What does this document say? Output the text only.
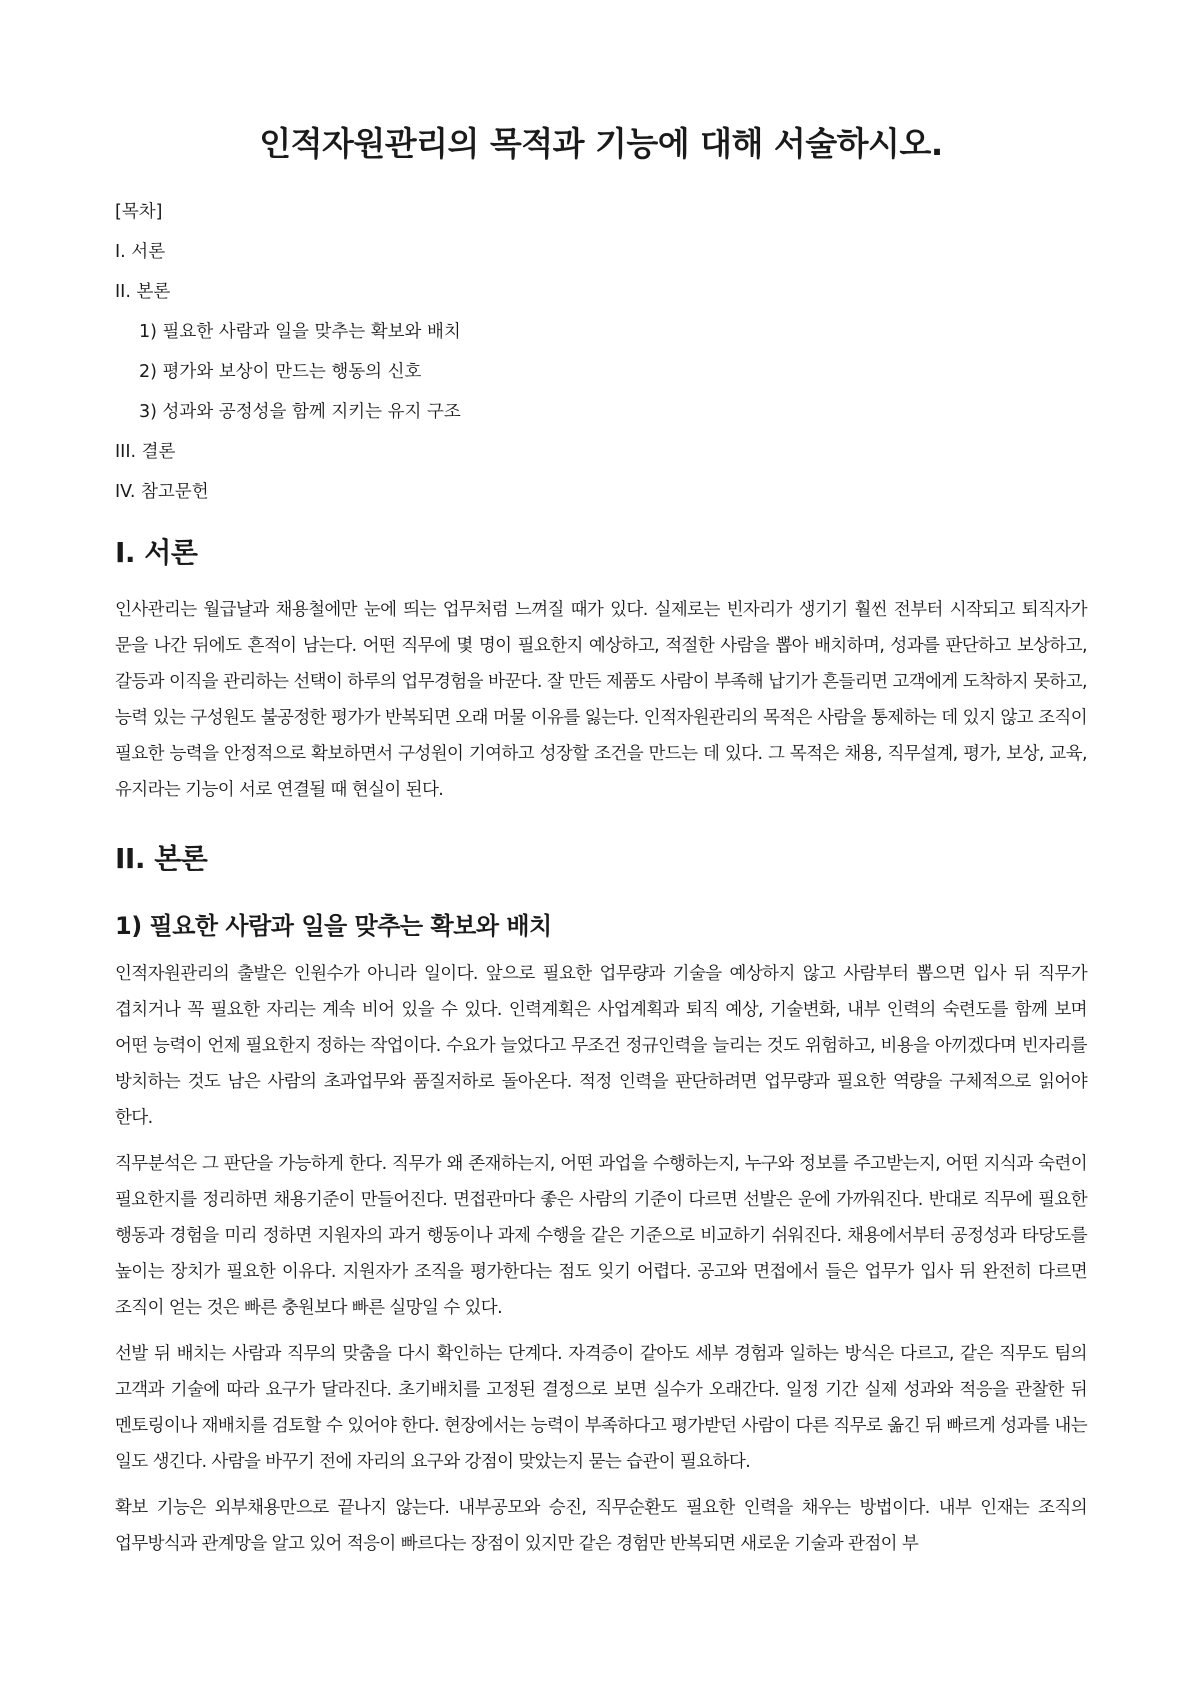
인적자원관리의 목적과 기능에 대해 서술하시오.
[목차]
I. 서론
II. 본론
1) 필요한 사람과 일을 맞추는 확보와 배치
2) 평가와 보상이 만드는 행동의 신호
3) 성과와 공정성을 함께 지키는 유지 구조
III. 결론
IV. 참고문헌
I. 서론

인사관리는 월급날과 채용철에만 눈에 띄는 업무처럼 느껴질 때가 있다. 실제로는 빈자리가 생기기 훨씬 전부터 시작되고 퇴직자가 문을 나간 뒤에도 흔적이 남는다. 어떤 직무에 몇 명이 필요한지 예상하고, 적절한 사람을 뽑아 배치하며, 성과를 판단하고 보상하고, 갈등과 이직을 관리하는 선택이 하루의 업무경험을 바꾼다. 잘 만든 제품도 사람이 부족해 납기가 흔들리면 고객에게 도착하지 못하고, 능력 있는 구성원도 불공정한 평가가 반복되면 오래 머물 이유를 잃는다. 인적자원관리의 목적은 사람을 통제하는 데 있지 않고 조직이 필요한 능력을 안정적으로 확보하면서 구성원이 기여하고 성장할 조건을 만드는 데 있다. 그 목적은 채용, 직무설계, 평가, 보상, 교육, 유지라는 기능이 서로 연결될 때 현실이 된다.

II. 본론
1) 필요한 사람과 일을 맞추는 확보와 배치

인적자원관리의 출발은 인원수가 아니라 일이다. 앞으로 필요한 업무량과 기술을 예상하지 않고 사람부터 뽑으면 입사 뒤 직무가 겹치거나 꼭 필요한 자리는 계속 비어 있을 수 있다. 인력계획은 사업계획과 퇴직 예상, 기술변화, 내부 인력의 숙련도를 함께 보며 어떤 능력이 언제 필요한지 정하는 작업이다. 수요가 늘었다고 무조건 정규인력을 늘리는 것도 위험하고, 비용을 아끼겠다며 빈자리를 방치하는 것도 남은 사람의 초과업무와 품질저하로 돌아온다. 적정 인력을 판단하려면 업무량과 필요한 역량을 구체적으로 읽어야 한다.

직무분석은 그 판단을 가능하게 한다. 직무가 왜 존재하는지, 어떤 과업을 수행하는지, 누구와 정보를 주고받는지, 어떤 지식과 숙련이 필요한지를 정리하면 채용기준이 만들어진다. 면접관마다 좋은 사람의 기준이 다르면 선발은 운에 가까워진다. 반대로 직무에 필요한 행동과 경험을 미리 정하면 지원자의 과거 행동이나 과제 수행을 같은 기준으로 비교하기 쉬워진다. 채용에서부터 공정성과 타당도를 높이는 장치가 필요한 이유다. 지원자가 조직을 평가한다는 점도 잊기 어렵다. 공고와 면접에서 들은 업무가 입사 뒤 완전히 다르면 조직이 얻는 것은 빠른 충원보다 빠른 실망일 수 있다.

선발 뒤 배치는 사람과 직무의 맞춤을 다시 확인하는 단계다. 자격증이 같아도 세부 경험과 일하는 방식은 다르고, 같은 직무도 팀의 고객과 기술에 따라 요구가 달라진다. 초기배치를 고정된 결정으로 보면 실수가 오래간다. 일정 기간 실제 성과와 적응을 관찰한 뒤 멘토링이나 재배치를 검토할 수 있어야 한다. 현장에서는 능력이 부족하다고 평가받던 사람이 다른 직무로 옮긴 뒤 빠르게 성과를 내는 일도 생긴다. 사람을 바꾸기 전에 자리의 요구와 강점이 맞았는지 묻는 습관이 필요하다.

확보 기능은 외부채용만으로 끝나지 않는다. 내부공모와 승진, 직무순환도 필요한 인력을 채우는 방법이다. 내부 인재는 조직의 업무방식과 관계망을 알고 있어 적응이 빠르다는 장점이 있지만 같은 경험만 반복되면 새로운 기술과 관점이 부
